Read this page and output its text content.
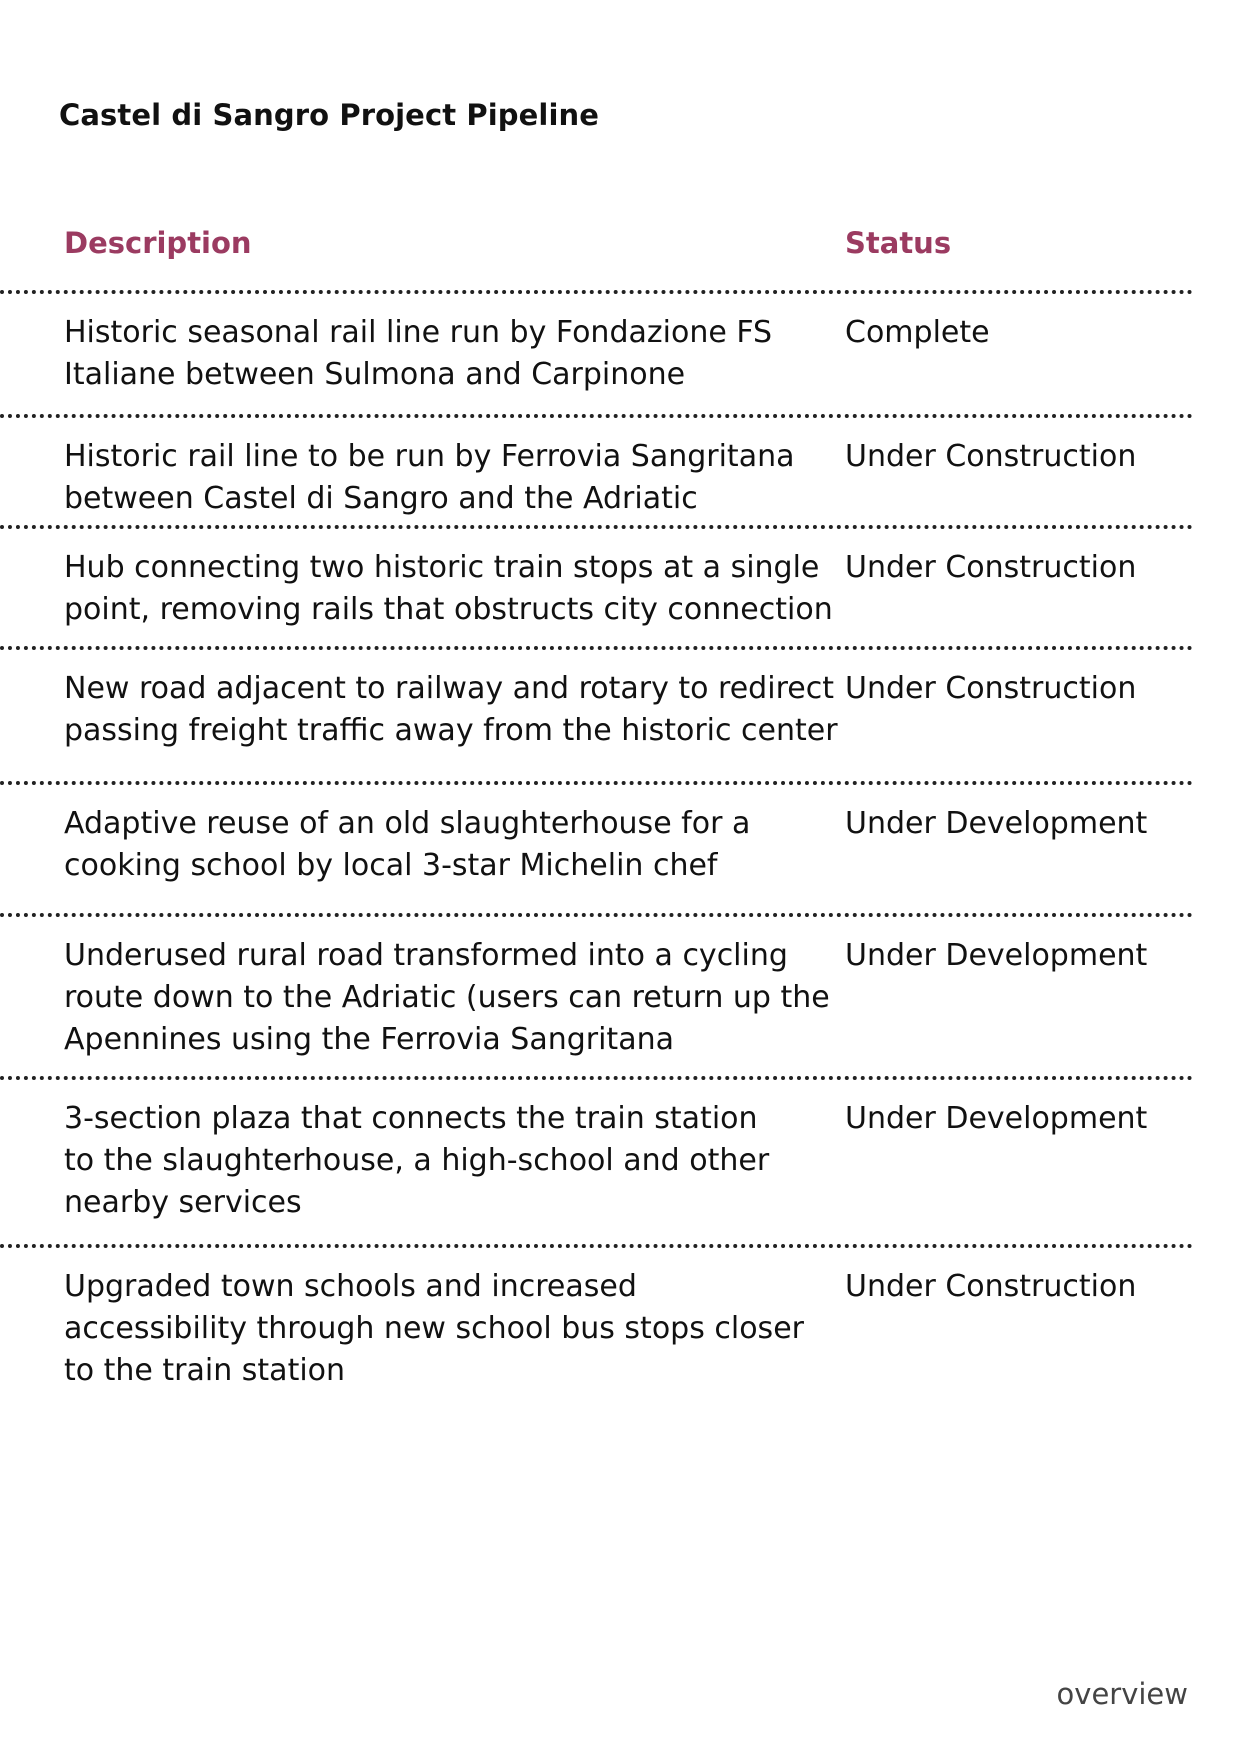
Castel di Sangro Project Pipeline
Description	Status
Historic seasonal rail line run by Fondazione FS
Italiane between Sulmona and Carpinone
Complete
Historic rail line to be run by Ferrovia Sangritana
between Castel di Sangro and the Adriatic
Under Construction
Hub connecting two historic train stops at a single
point, removing rails that obstructs city connection
Under Construction
New road adjacent to railway and rotary to redirect
passing freight traffic away from the historic center
Under Construction
Adaptive reuse of an old slaughterhouse for a
cooking school by local 3-star Michelin chef
Under Development
Underused rural road transformed into a cycling
route down to the Adriatic (users can return up the
Apennines using the Ferrovia Sangritana
Under Development
3-section plaza that connects the train station
to the slaughterhouse, a high-school and other
nearby services
Under Development
Upgraded town schools and increased
accessibility through new school bus stops closer
to the train station
Under Construction
overview
